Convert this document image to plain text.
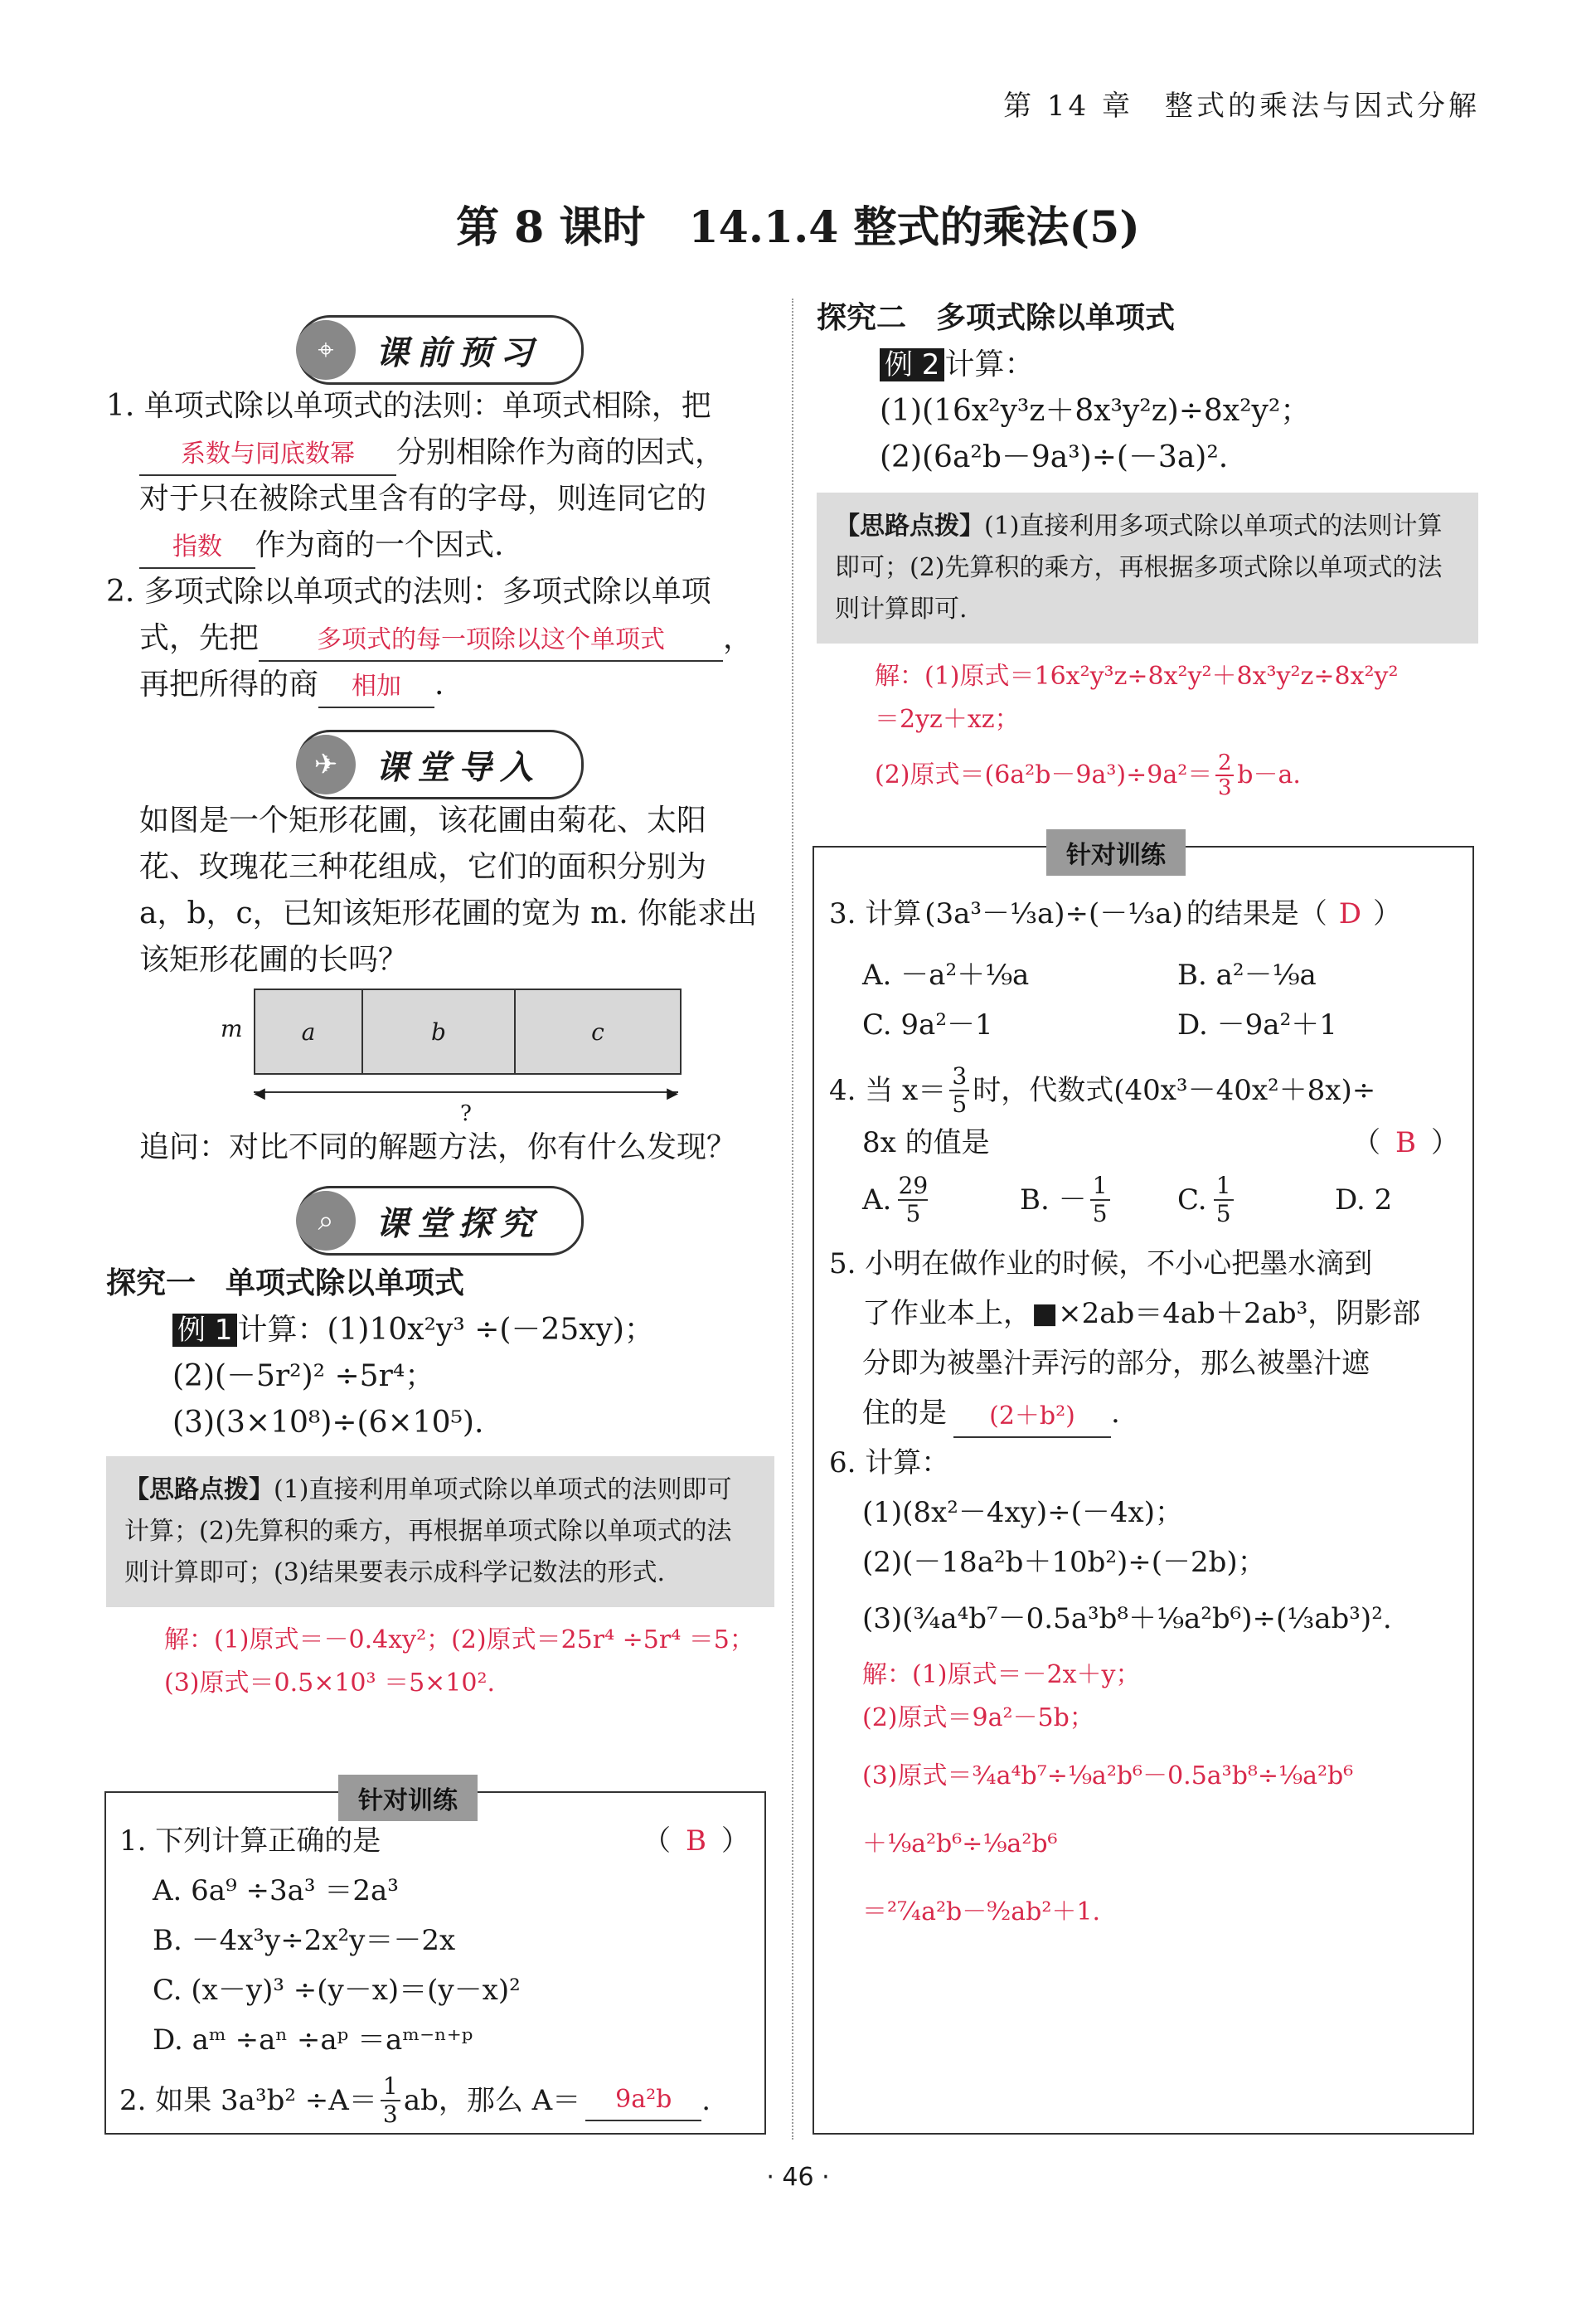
第 14 章　整式的乘法与因式分解
第 8 课时　14.1.4 整式的乘法(5)
⌖	课前预习
1. 单项式除以单项式的法则：单项式相除，把
系数与同底数幂 分别相除作为商的因式，
对于只在被除式里含有的字母，则连同它的
指数 作为商的一个因式.
2. 多项式除以单项式的法则：多项式除以单项
式，先把 多项式的每一项除以这个单项式 ，
再把所得的商 相加 .
✈	课堂导入
如图是一个矩形花圃，该花圃由菊花、太阳
花、玫瑰花三种花组成，它们的面积分别为
a，b，c，已知该矩形花圃的宽为 m. 你能求出
该矩形花圃的长吗？
m	a	b	c
◀	▶
?
追问：对比不同的解题方法，你有什么发现？
⌕	课堂探究
探究一　单项式除以单项式
例 1 计算：(1)10x²y³ ÷(－25xy)；
(2)(－5r²)² ÷5r⁴；
(3)(3×10⁸)÷(6×10⁵).
【思路点拨】(1)直接利用单项式除以单项式的法则即可计算；(2)先算积的乘方，再根据单项式除以单项式的法则计算即可；(3)结果要表示成科学记数法的形式.
解：(1)原式＝－0.4xy²；(2)原式＝25r⁴ ÷5r⁴ ＝5；
(3)原式＝0.5×10³ ＝5×10².
针对训练
1. 下列计算正确的是	（ B ）
A. 6a⁹ ÷3a³ ＝2a³
B. －4x³y÷2x²y＝－2x
C. (x－y)³ ÷(y－x)＝(y－x)²
D. aᵐ ÷aⁿ ÷aᵖ ＝aᵐ⁻ⁿ⁺ᵖ
2. 如果 3a³b² ÷A＝ 1
3 ab，那么 A＝	9a²b	.
探究二　多项式除以单项式
例 2 计算：
(1)(16x²y³z＋8x³y²z)÷8x²y²；
(2)(6a²b－9a³)÷(－3a)².
【思路点拨】(1)直接利用多项式除以单项式的法则计算即可；(2)先算积的乘方，再根据多项式除以单项式的法则计算即可.
解：(1)原式＝16x²y³z÷8x²y²＋8x³y²z÷8x²y²
＝2yz＋xz；
(2)原式＝(6a²b－9a³)÷9a²＝ 2
3 b－a.
针对训练
3. 计算 (3a³－⅓a)÷(－⅓a) 的结果是（ D ）
A. －a²＋⅑a	B. a²－⅑a
C. 9a²－1	D. －9a²＋1
4. 当 x＝ 3
5 时，代数式(40x³－40x²＋8x)÷
8x 的值是	（ B ）
A. 29
5	B. － 1
5 C. 1
5	D. 2
5. 小明在做作业的时候，不小心把墨水滴到
了作业本上，■×2ab＝4ab＋2ab³，阴影部
分即为被墨汁弄污的部分，那么被墨汁遮
住的是 (2＋b²) .
6. 计算：
(1)(8x²－4xy)÷(－4x)；
(2)(－18a²b＋10b²)÷(－2b)；
(3)(¾a⁴b⁷－0.5a³b⁸＋⅑a²b⁶)÷(⅓ab³)².
解：(1)原式＝－2x＋y；
(2)原式＝9a²－5b；
(3)原式＝¾a⁴b⁷÷⅑a²b⁶－0.5a³b⁸÷⅑a²b⁶
＋⅑a²b⁶÷⅑a²b⁶
＝²⁷⁄₄a²b－⁹⁄₂ab²＋1.
· 46 ·
